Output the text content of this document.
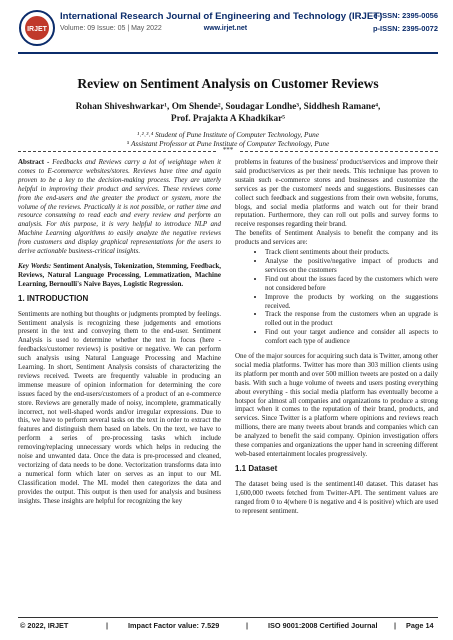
IRJET
International Research Journal of Engineering and Technology (IRJET)
Volume: 09 Issue: 05 | May 2022	www.irjet.net
e-ISSN: 2395-0056
p-ISSN: 2395-0072
Review on Sentiment Analysis on Customer Reviews
Rohan Shiveshwarkar¹, Om Shende², Soudagar Londhe³, Siddhesh Ramane⁴,
Prof. Prajakta A Khadkikar⁵
¹˒²˒³˒⁴ Student of Pune Institute of Computer Technology, Pune
⁵ Assistant Professor at Pune Institute of Computer Technology, Pune
***

Abstract - Feedbacks and Reviews carry a lot of weightage when it comes to E-commerce websites/stores. Reviews have time and again proven to be a key to the decision-making process. They are utterly helpful in improving their product and services. These reviews come from the end-users and the greater the product or system, more the volume of the reviews. Practically it is not possible, or rather time and resource consuming to read each and every review and perform an analysis. For this purpose, it is very helpful to introduce NLP and Machine Learning algorithms to easily analyze the negative reviews from customers and display graphical representations for the users to derive actionable business-critical insights.

Key Words: Sentiment Analysis, Tokenization, Stemming, Feedback, Reviews, Natural Language Processing, Lemmatization, Machine Learning, Bernoulli's Naive Bayes, Logistic Regression.

1. INTRODUCTION

Sentiments are nothing but thoughts or judgments prompted by feelings. Sentiment analysis is recognizing these judgements and emotions present in the text and conveying them to the end-user. Sentiment Analysis is used to determine whether the text in focus (here - feedbacks/customer reviews) is positive or negative. We can perform such analysis using Natural Language Processing and Machine Learning. In short, Sentiment Analysis consists of characterizing the reviews received. Tweets are frequently valuable in producing an immense measure of opinion information for determining the core issues faced by the end-users/customers of a product of an e-commerce store. Reviews are generally made of noisy, incomplete, grammatically incorrect, not well-shaped words and/or irregular expressions. Due to this, we have to perform several tasks on the text in order to extract the features and distinguish them based on labels. On the text, we have to perform a series of pre-processing tasks which include removing/replacing unnecessary words which helps in reducing the noise and unwanted data. Once the data is pre-processed and cleaned, vectorizing of data needs to be done. Vectorization transforms data into a numerical form which later on serves as an input to our ML Classification model. The ML model then categorizes the data and provides the output. This output is then used for analysis and business insights. These insights are helpful for recognizing the key

problems in features of the business' product/services and improve their said product/services as per their needs. This technique has proven to sustain such e-commerce stores and businesses and customize the services as per the customers' needs and suggestions. Businesses can collect such feedback and suggestions from their own website, forums, blogs, and social media platforms and watch out for their brand reputation. Furthermore, they can roll out polls and survey forms to receive responses regarding their brand.

The benefits of Sentiment Analysis to benefit the company and its products and services are:

• Track client sentiments about their products.
• Analyse the positive/negative impact of products and services on the customers
• Find out about the issues faced by the customers which were not considered before
• Improve the products by working on the suggestions received.
• Track the response from the customers when an upgrade is rolled out in the product
• Find out your target audience and consider all aspects to comfort each type of audience

One of the major sources for acquiring such data is Twitter, among other social media platforms. Twitter has more than 303 million clients using its platform per month and over 500 million tweets are posted on a daily basis. With such a huge volume of tweets and users posting everything about everything - this social media platform has eventually become a hotspot for almost all companies and organizations to produce a strong impact when it comes to the reputation of their brand, products, and services. Since Twitter is a platform where opinions and reviews reach millions, there are many tweets about brands and companies which can be analyzed to benefit the said company. Opinion investigation offers these companies and organizations the upper hand in screening different web-based entertainment locales progressively.

1.1 Dataset

The dataset being used is the sentiment140 dataset. This dataset has 1,600,000 tweets fetched from Twitter-API. The sentiment values are ranged from 0 to 4(where 0 is negative and 4 is positive) which are used to represent sentiment.

© 2022, IRJET	|	Impact Factor value: 7.529	|	ISO 9001:2008 Certified Journal | Page 14
